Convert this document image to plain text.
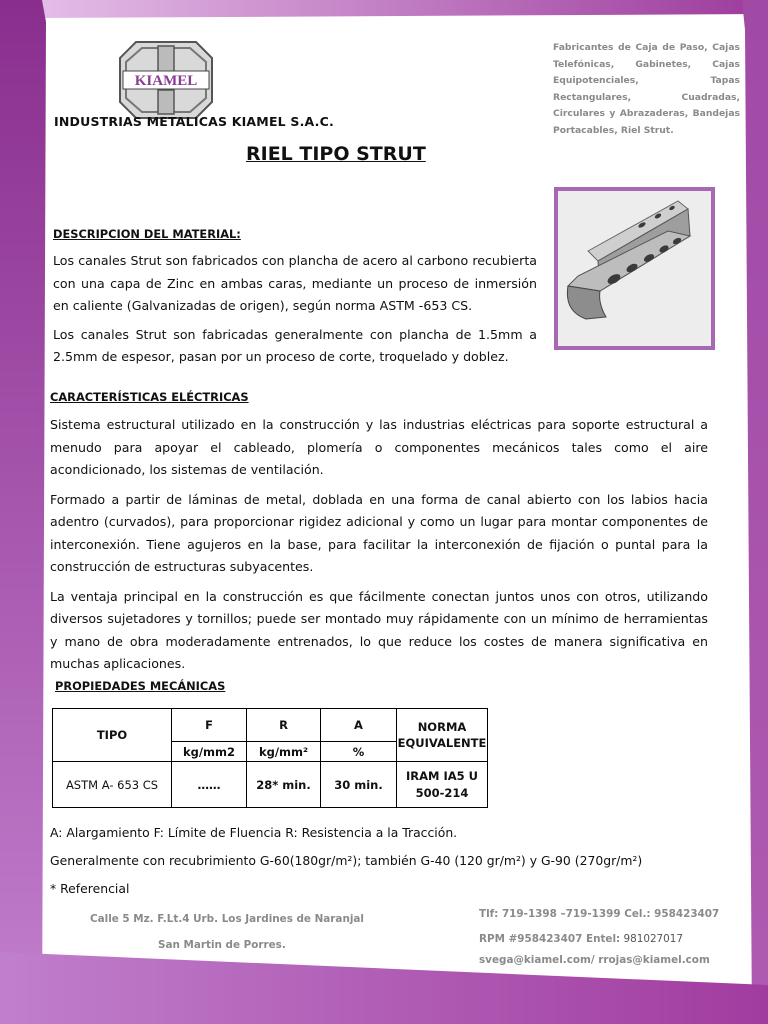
KIAMEL
INDUSTRIAS METALICAS KIAMEL S.A.C.
Fabricantes de Caja de Paso, Cajas Telefónicas, Gabinetes, Cajas Equipotenciales, Tapas Rectangulares, Cuadradas, Circulares y Abrazaderas, Bandejas Portacables, Riel Strut.
RIEL TIPO STRUT
DESCRIPCION DEL MATERIAL:

Los canales Strut son fabricados con plancha de acero al carbono recubierta con una capa de Zinc en ambas caras, mediante un proceso de inmersión en caliente (Galvanizadas de origen), según norma ASTM -653 CS.

Los canales Strut son fabricadas generalmente con plancha de 1.5mm a 2.5mm de espesor, pasan por un proceso de corte, troquelado y doblez.

CARACTERÍSTICAS ELÉCTRICAS

Sistema estructural utilizado en la construcción y las industrias eléctricas para soporte estructural a menudo para apoyar el cableado, plomería o componentes mecánicos tales como el aire acondicionado, los sistemas de ventilación.

Formado a partir de láminas de metal, doblada en una forma de canal abierto con los labios hacia adentro (curvados), para proporcionar rigidez adicional y como un lugar para montar componentes de interconexión. Tiene agujeros en la base, para facilitar la interconexión de fijación o puntal para la construcción de estructuras subyacentes.

La ventaja principal en la construcción es que fácilmente conectan juntos unos con otros, utilizando diversos sujetadores y tornillos; puede ser montado muy rápidamente con un mínimo de herramientas y mano de obra moderadamente entrenados, lo que reduce los costes de manera significativa en muchas aplicaciones.

PROPIEDADES MECÁNICAS
TIPO	F	R	A	NORMA EQUIVALENTE
	kg/mm2	kg/mm²	%	
ASTM A- 653 CS	……	28* min.	30 min.	IRAM IA5 U
500-214
A: Alargamiento F: Límite de Fluencia R: Resistencia a la Tracción.
Generalmente con recubrimiento G-60(180gr/m²); también G-40 (120 gr/m²) y G-90 (270gr/m²)
* Referencial
Calle 5 Mz. F.Lt.4 Urb. Los Jardines de Naranjal
San Martin de Porres.
Tlf: 719-1398 –719-1399 Cel.: 958423407
RPM #958423407 Entel: 981027017
svega@kiamel.com/ rrojas@kiamel.com
